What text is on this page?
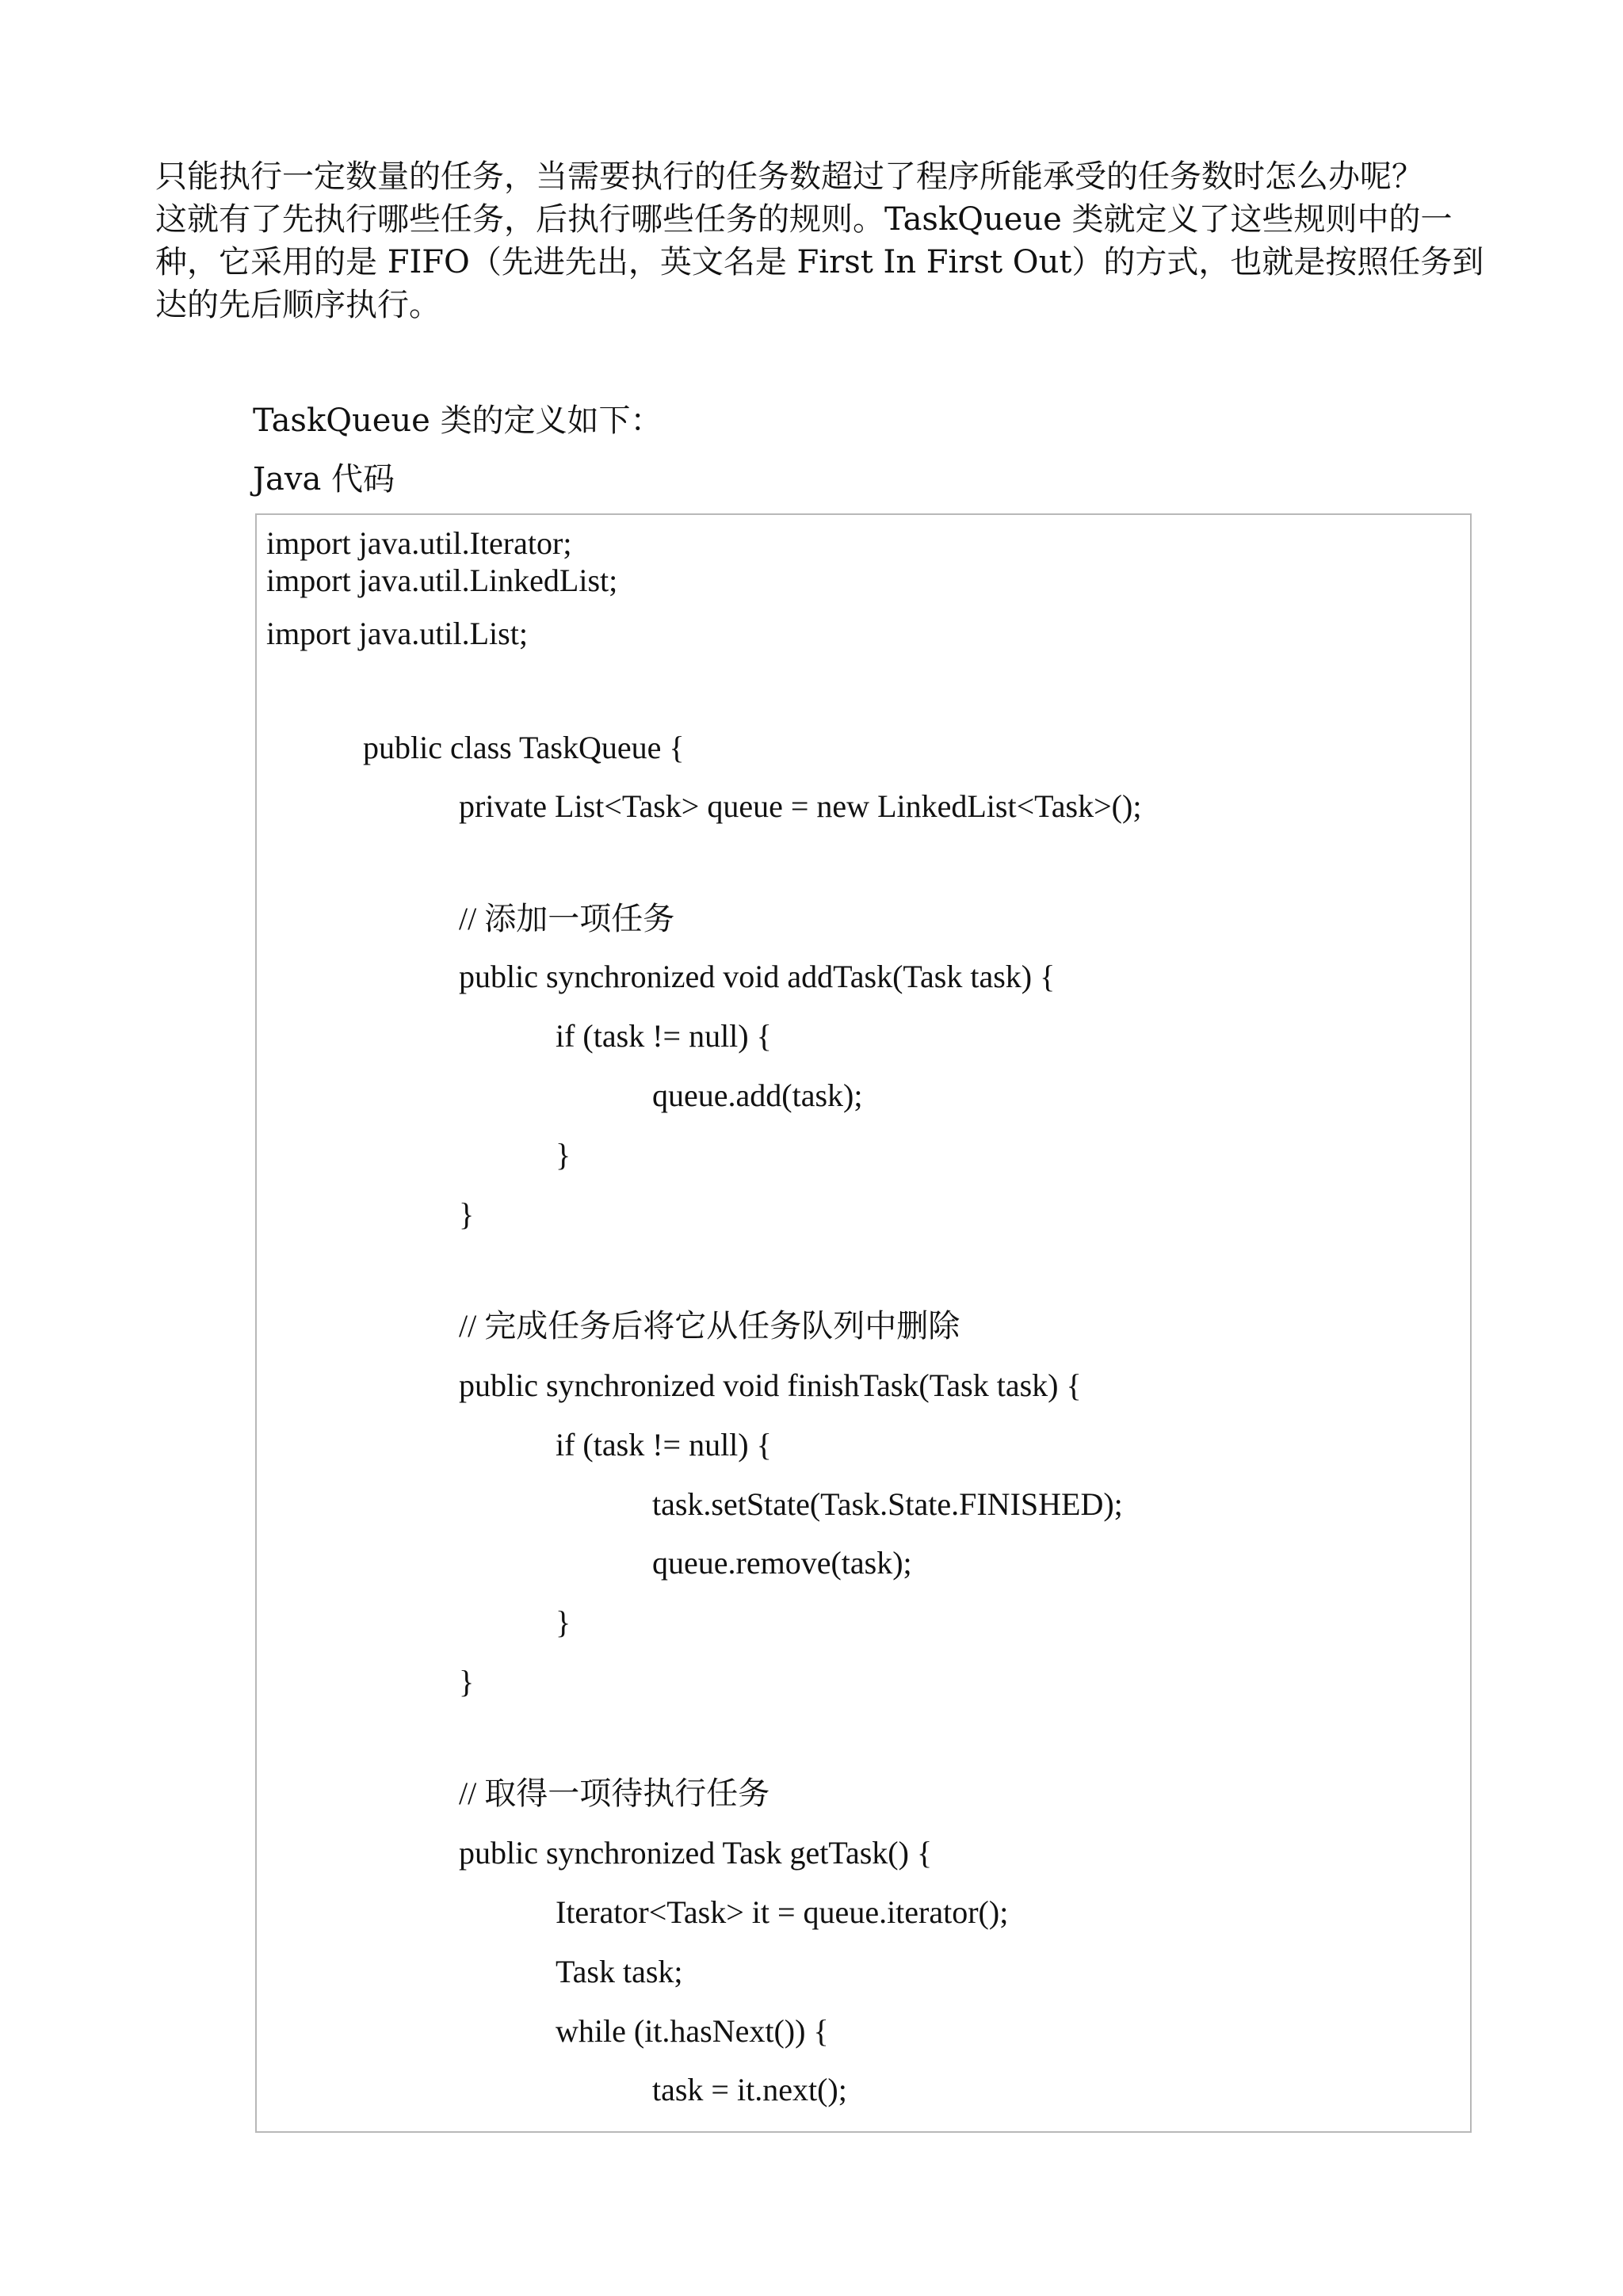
只能执行一定数量的任务，当需要执行的任务数超过了程序所能承受的任务数时怎么办呢？
这就有了先执行哪些任务，后执行哪些任务的规则。TaskQueue 类就定义了这些规则中的一
种，它采用的是 FIFO（先进先出，英文名是 First In First Out）的方式，也就是按照任务到
达的先后顺序执行。
TaskQueue 类的定义如下：
Java 代码
import java.util.Iterator;
import java.util.LinkedList;
import java.util.List;
public class TaskQueue {
private List<Task> queue = new LinkedList<Task>();
// 添加一项任务
public synchronized void addTask(Task task) {
if (task != null) {
queue.add(task);
}
}
// 完成任务后将它从任务队列中删除
public synchronized void finishTask(Task task) {
if (task != null) {
task.setState(Task.State.FINISHED);
queue.remove(task);
}
}
// 取得一项待执行任务
public synchronized Task getTask() {
Iterator<Task> it = queue.iterator();
Task task;
while (it.hasNext()) {
task = it.next();
